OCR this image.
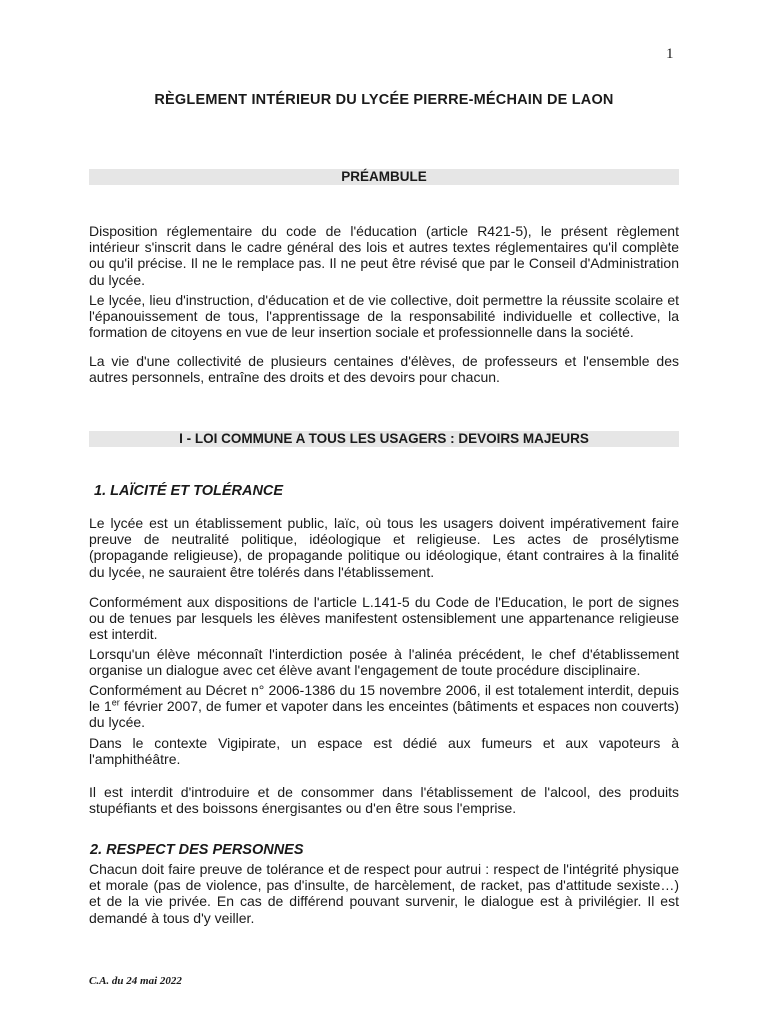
1
RÈGLEMENT INTÉRIEUR DU LYCÉE PIERRE-MÉCHAIN DE LAON
PRÉAMBULE

Disposition réglementaire du code de l'éducation (article R421-5), le présent règlement intérieur s'inscrit dans le cadre général des lois et autres textes réglementaires qu'il complète ou qu'il précise. Il ne le remplace pas. Il ne peut être révisé que par le Conseil d'Administration du lycée.

Le lycée, lieu d'instruction, d'éducation et de vie collective, doit permettre la réussite scolaire et l'épanouissement de tous, l'apprentissage de la responsabilité individuelle et collective, la formation de citoyens en vue de leur insertion sociale et professionnelle dans la société.

La vie d'une collectivité de plusieurs centaines d'élèves, de professeurs et l'ensemble des autres personnels, entraîne des droits et des devoirs pour chacun.

I - LOI COMMUNE A TOUS LES USAGERS : DEVOIRS MAJEURS
1. LAÏCITÉ ET TOLÉRANCE

Le lycée est un établissement public, laïc, où tous les usagers doivent impérativement faire preuve de neutralité politique, idéologique et religieuse. Les actes de prosélytisme (propagande religieuse), de propagande politique ou idéologique, étant contraires à la finalité du lycée, ne sauraient être tolérés dans l'établissement.

Conformément aux dispositions de l'article L.141-5 du Code de l'Education, le port de signes ou de tenues par lesquels les élèves manifestent ostensiblement une appartenance religieuse est interdit.

Lorsqu'un élève méconnaît l'interdiction posée à l'alinéa précédent, le chef d'établissement organise un dialogue avec cet élève avant l'engagement de toute procédure disciplinaire.

Conformément au Décret n° 2006-1386 du 15 novembre 2006, il est totalement interdit, depuis le 1er février 2007, de fumer et vapoter dans les enceintes (bâtiments et espaces non couverts) du lycée.

Dans le contexte Vigipirate, un espace est dédié aux fumeurs et aux vapoteurs à l'amphithéâtre.

Il est interdit d'introduire et de consommer dans l'établissement de l'alcool, des produits stupéfiants et des boissons énergisantes ou d'en être sous l'emprise.

2. RESPECT DES PERSONNES

Chacun doit faire preuve de tolérance et de respect pour autrui : respect de l'intégrité physique et morale (pas de violence, pas d'insulte, de harcèlement, de racket, pas d'attitude sexiste…) et de la vie privée. En cas de différend pouvant survenir, le dialogue est à privilégier. Il est demandé à tous d'y veiller.

C.A. du 24 mai 2022
